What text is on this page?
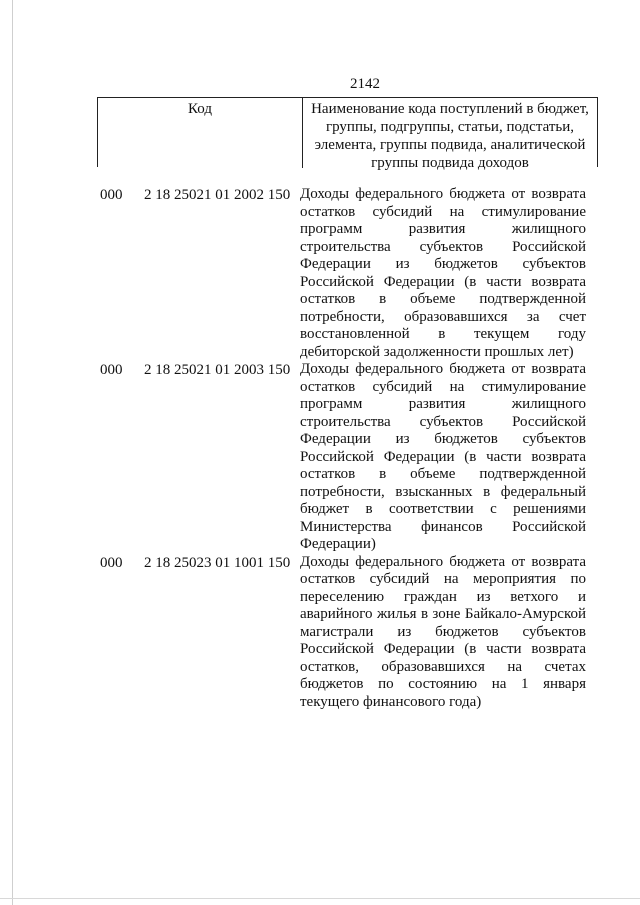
2142
Код	Наименование кода поступлений в бюджет, группы, подгруппы, статьи, подстатьи, элемента, группы подвида, аналитической группы подвида доходов
000 2 18 25021 01 2002 150 Доходы федерального бюджета от возврата остатков субсидий на стимулирование программ развития жилищного строительства субъектов Российской Федерации из бюджетов субъектов Российской Федерации (в части возврата остатков в объеме подтвержденной потребности, образовавшихся за счет восстановленной в текущем году дебиторской задолженности прошлых лет)
000 2 18 25021 01 2003 150 Доходы федерального бюджета от возврата остатков субсидий на стимулирование программ развития жилищного строительства субъектов Российской Федерации из бюджетов субъектов Российской Федерации (в части возврата остатков в объеме подтвержденной потребности, взысканных в федеральный бюджет в соответствии с решениями Министерства финансов Российской Федерации)
000 2 18 25023 01 1001 150 Доходы федерального бюджета от возврата остатков субсидий на мероприятия по переселению граждан из ветхого и аварийного жилья в зоне Байкало-Амурской магистрали из бюджетов субъектов Российской Федерации (в части возврата остатков, образовавшихся на счетах бюджетов по состоянию на 1 января текущего финансового года)
